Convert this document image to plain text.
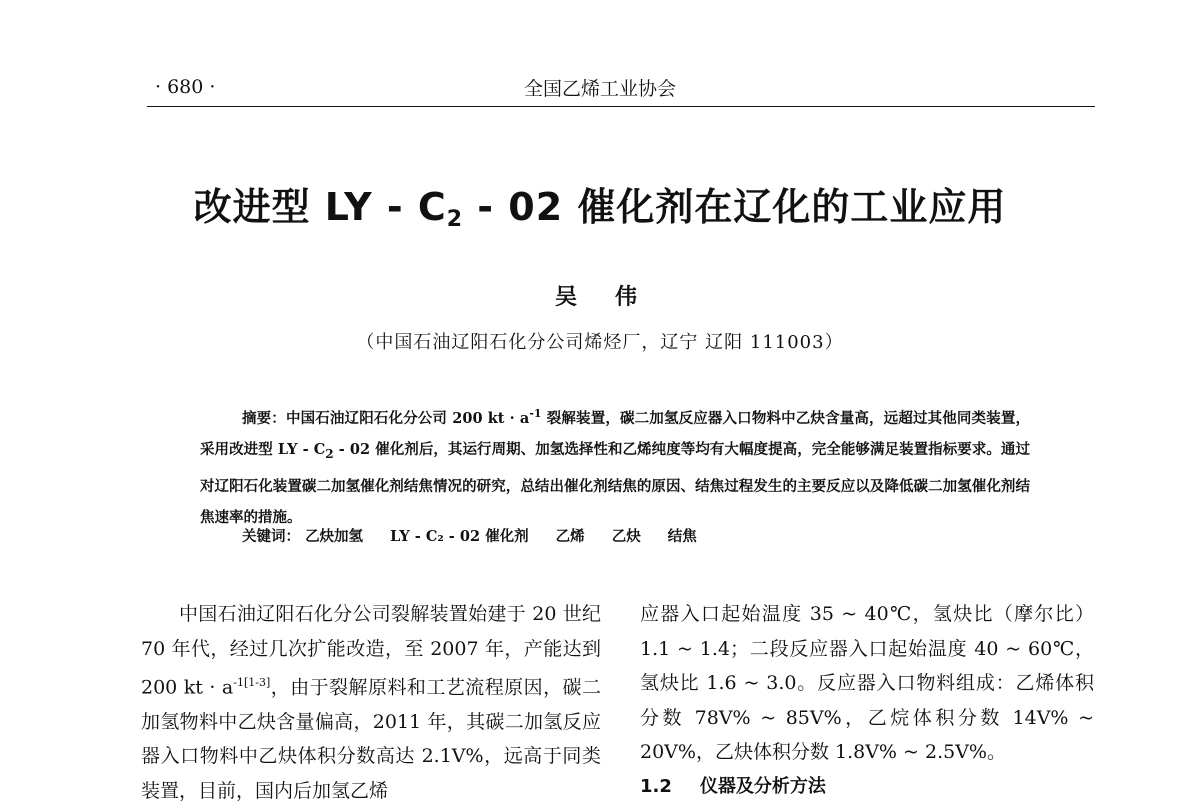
· 680 ·	全国乙烯工业协会
改进型 LY - $C_2 - 02$ 催化剂在辽化的工业应用
吴伟
（中国石油辽阳石化分公司烯烃厂，辽宁 辽阳 111003）
摘要：中国石油辽阳石化分公司 200 kt · $a^{-1}$ 裂解装置，碳二加氢反应器入口物料中乙炔含量高，远超过其他同类装置，采用改进型 LY - $C_2 - 02$ 催化剂后，其运行周期、加氢选择性和乙烯纯度等均有大幅度提高，完全能够满足装置指标要求。通过对辽阳石化装置碳二加氢催化剂结焦情况的研究，总结出催化剂结焦的原因、结焦过程发生的主要反应以及降低碳二加氢催化剂结焦速率的措施。
关键词： 乙炔加氢 LY - C₂ - 02 催化剂 乙烯 乙炔 结焦
中国石油辽阳石化分公司裂解装置始建于 20 世纪 70 年代，经过几次扩能改造，至 2007 年，产能达到 200 kt · $a^{-1[1-3]}$，由于裂解原料和工艺流程原因，碳二加氢物料中乙炔含量偏高，2011 年，其碳二加氢反应器入口物料中乙炔体积分数高达 2.1V%，远高于同类装置，目前，国内后加氢乙烯
应器入口起始温度 35 ~ 40℃，氢炔比（摩尔比）1.1 ~ 1.4；二段反应器入口起始温度 40 ~ 60℃，氢炔比 1.6 ~ 3.0。反应器入口物料组成：乙烯体积分数 78V% ~ 85V%，乙烷体积分数 14V% ~ 20V%，乙炔体积分数 1.8V% ~ 2.5V%。
1.2 仪器及分析方法
